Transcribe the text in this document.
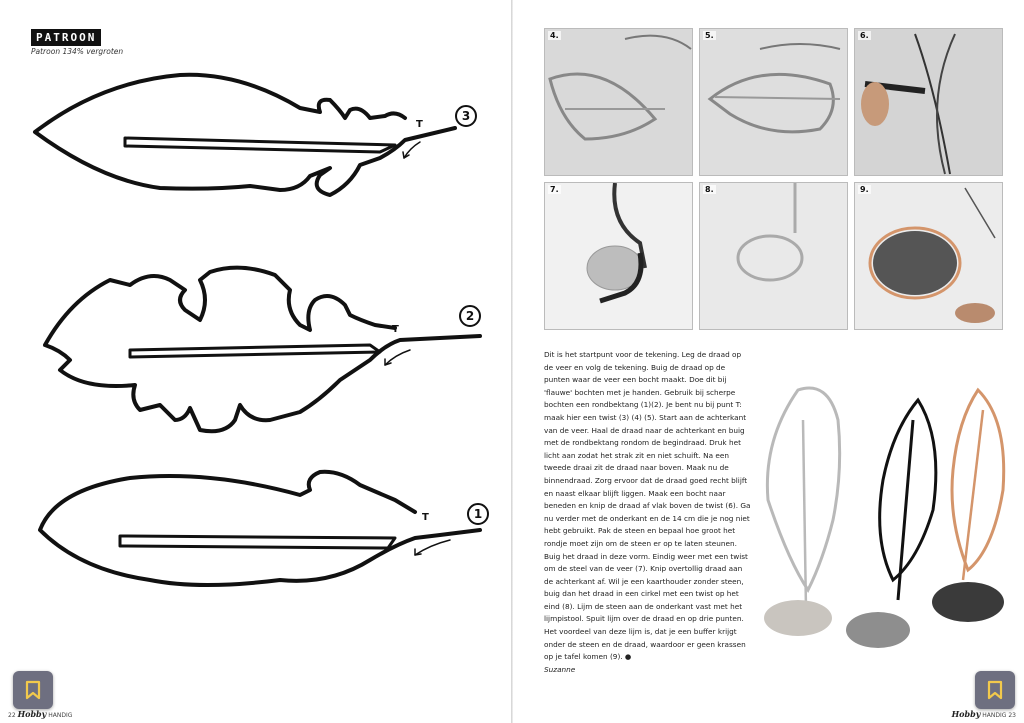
PATROON
Patroon 134% vergroten
T
T
T
3
2
1
22 Hobby HANDIG
4.	5.	6.
7.	8.	9.
Dit is het startpunt voor de tekening. Leg de draad op de veer en volg de tekening. Buig de draad op de punten waar de veer een bocht maakt. Doe dit bij 'flauwe' bochten met je handen. Gebruik bij scherpe bochten een rondbektang (1)(2). Je bent nu bij punt T: maak hier een twist (3) (4) (5). Start aan de achterkant van de veer. Haal de draad naar de achterkant en buig met de rondbektang rondom de begindraad. Druk het licht aan zodat het strak zit en niet schuift. Na een tweede draai zit de draad naar boven. Maak nu de binnendraad. Zorg ervoor dat de draad goed recht blijft en naast elkaar blijft liggen. Maak een bocht naar beneden en knip de draad af vlak boven de twist (6). Ga nu verder met de onderkant en de 14 cm die je nog niet hebt gebruikt. Pak de steen en bepaal hoe groot het rondje moet zijn om de steen er op te laten steunen. Buig het draad in deze vorm. Eindig weer met een twist om de steel van de veer (7). Knip overtollig draad aan de achterkant af. Wil je een kaarthouder zonder steen, buig dan het draad in een cirkel met een twist op het eind (8). Lijm de steen aan de onderkant vast met het lijmpistool. Spuit lijm over de draad en op drie punten. Het voordeel van deze lijm is, dat je een buffer krijgt onder de steen en de draad, waardoor er geen krassen op je tafel komen (9). ●
Suzanne
Hobby HANDIG 23
